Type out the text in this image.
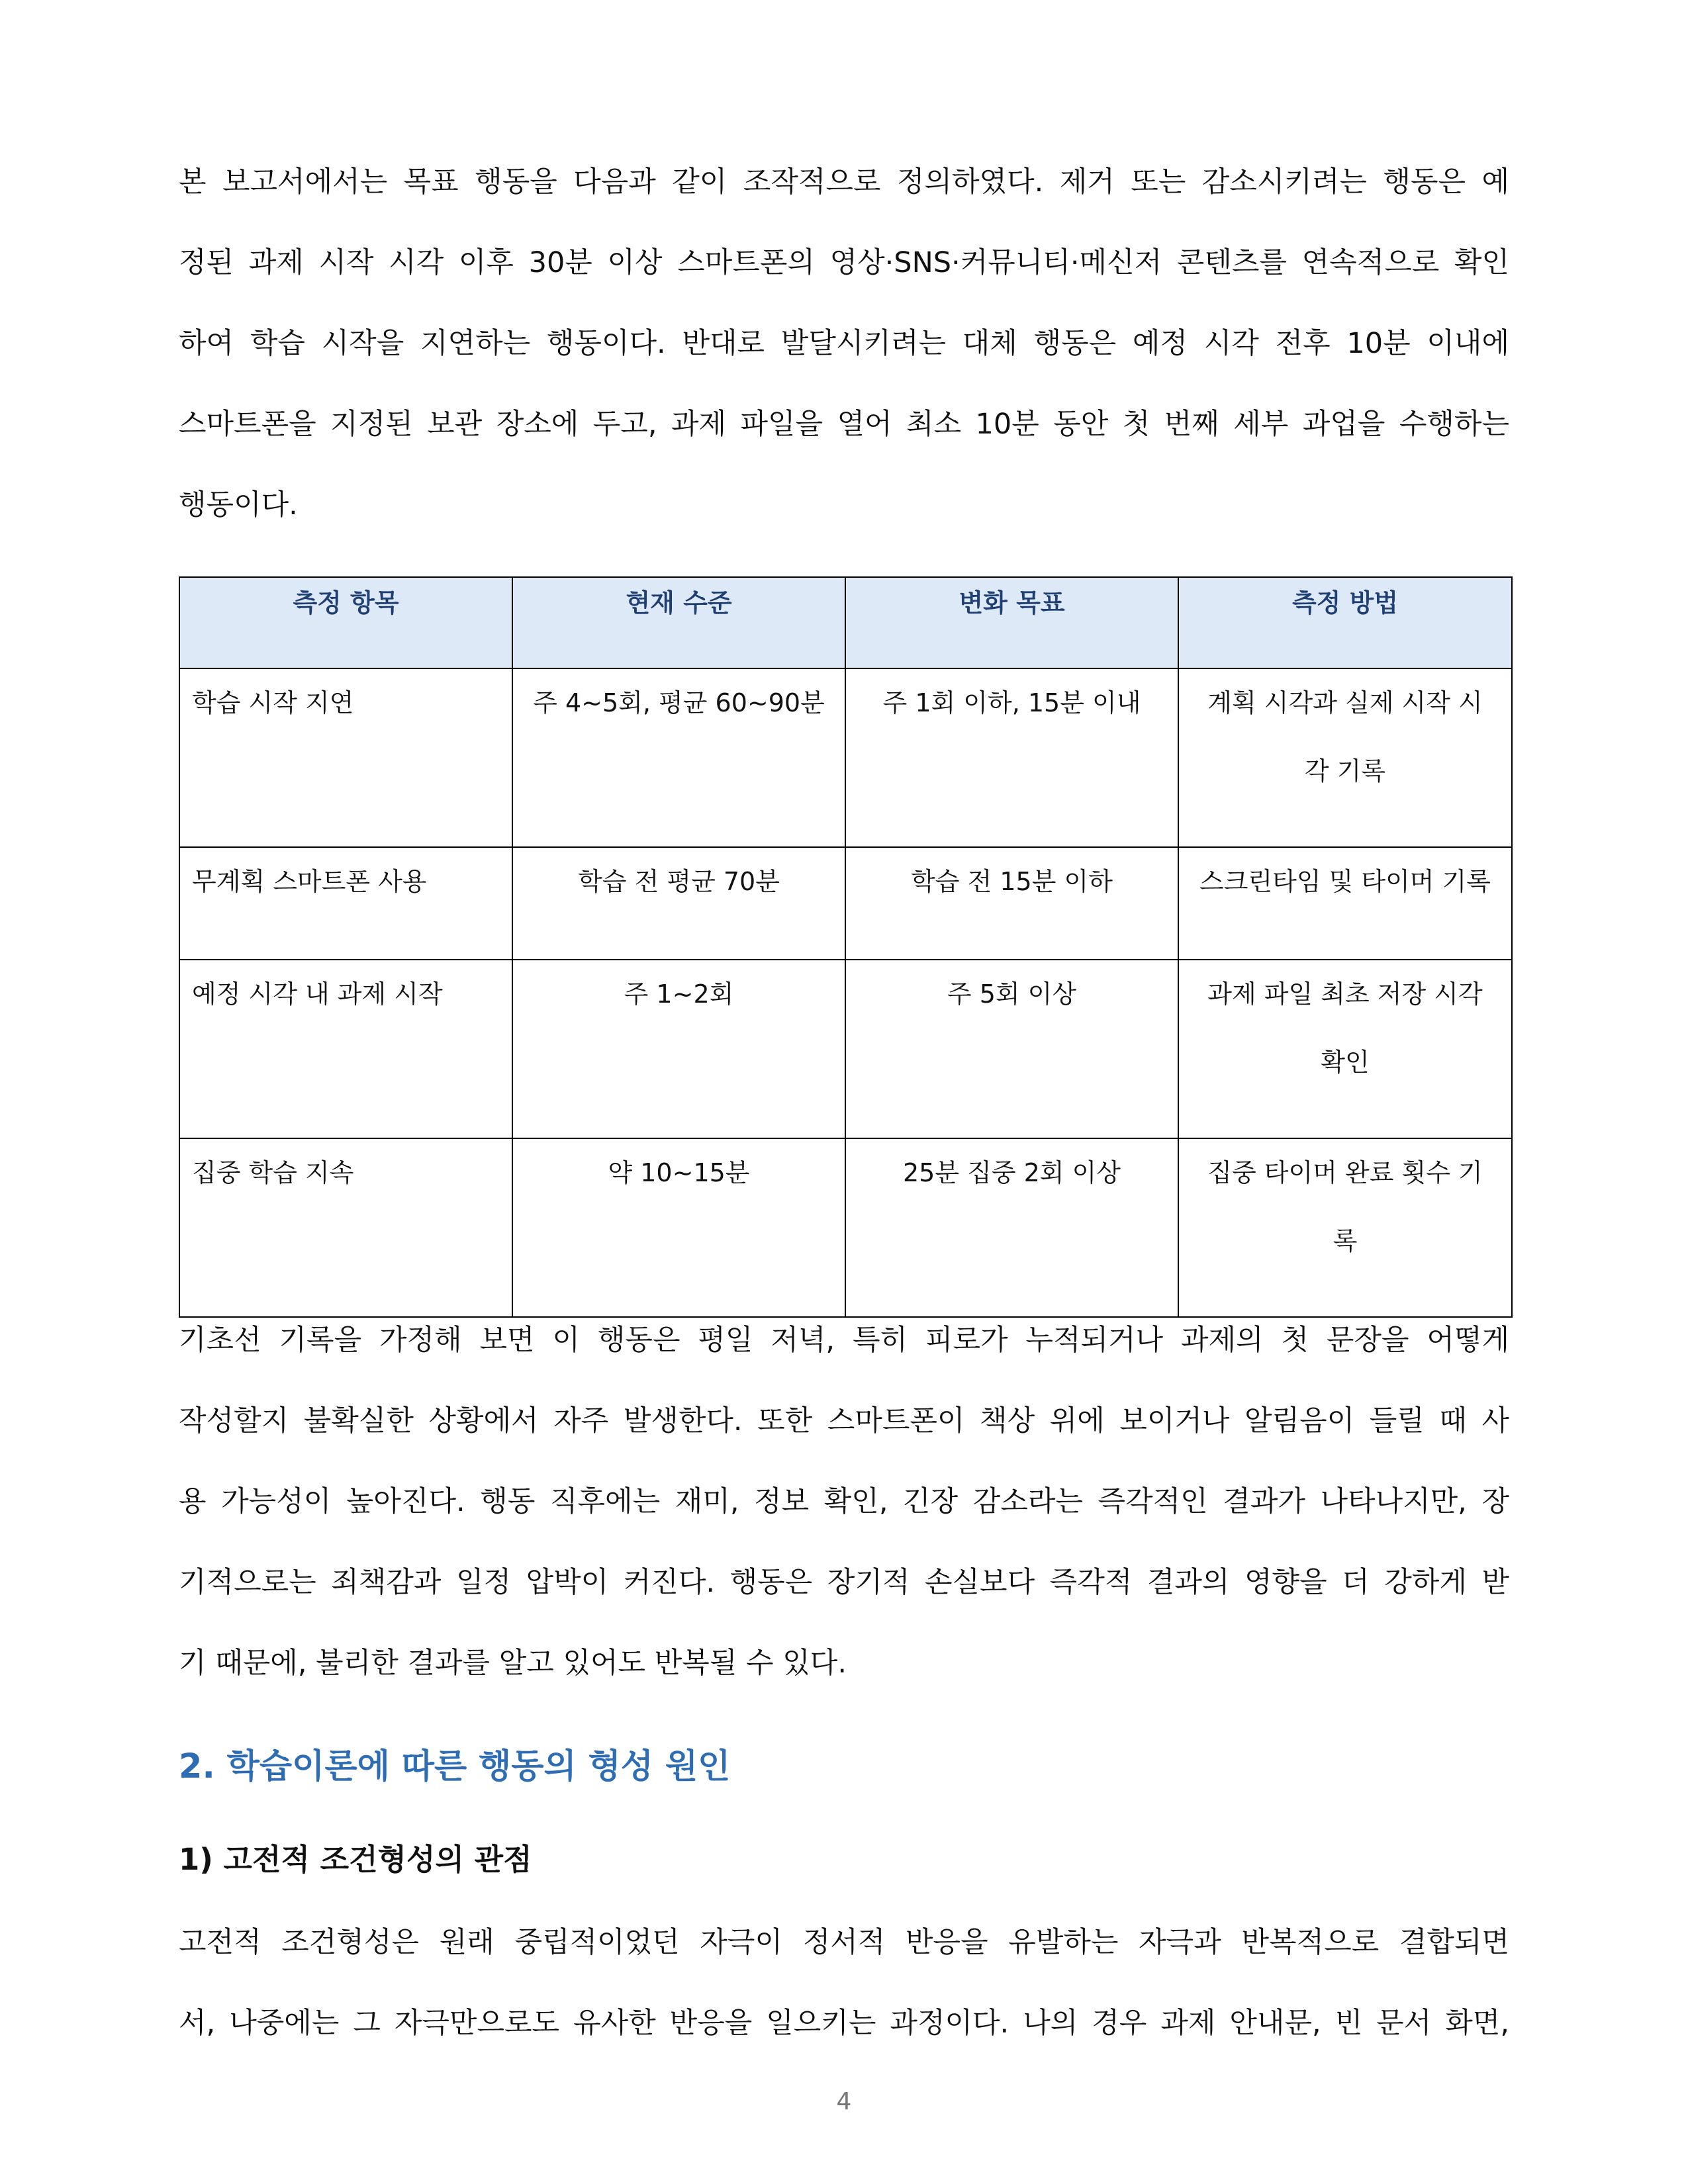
본 보고서에서는 목표 행동을 다음과 같이 조작적으로 정의하였다. 제거 또는 감소시키려는 행동은 예
정된 과제 시작 시각 이후 30분 이상 스마트폰의 영상·SNS·커뮤니티·메신저 콘텐츠를 연속적으로 확인
하여 학습 시작을 지연하는 행동이다. 반대로 발달시키려는 대체 행동은 예정 시각 전후 10분 이내에
스마트폰을 지정된 보관 장소에 두고, 과제 파일을 열어 최소 10분 동안 첫 번째 세부 과업을 수행하는
행동이다.
측정 항목	현재 수준	변화 목표	측정 방법
학습 시작 지연	주 4~5회, 평균 60~90분	주 1회 이하, 15분 이내	계획 시각과 실제 시작 시
각 기록

무계획 스마트폰 사용	학습 전 평균 70분	학습 전 15분 이하	스크린타임 및 타이머 기록

예정 시각 내 과제 시작	주 1~2회	주 5회 이상	과제 파일 최초 저장 시각
확인

집중 학습 지속	약 10~15분	25분 집중 2회 이상	집중 타이머 완료 횟수 기
록
기초선 기록을 가정해 보면 이 행동은 평일 저녁, 특히 피로가 누적되거나 과제의 첫 문장을 어떻게
작성할지 불확실한 상황에서 자주 발생한다. 또한 스마트폰이 책상 위에 보이거나 알림음이 들릴 때 사
용 가능성이 높아진다. 행동 직후에는 재미, 정보 확인, 긴장 감소라는 즉각적인 결과가 나타나지만, 장
기적으로는 죄책감과 일정 압박이 커진다. 행동은 장기적 손실보다 즉각적 결과의 영향을 더 강하게 받
기 때문에, 불리한 결과를 알고 있어도 반복될 수 있다.
2. 학습이론에 따른 행동의 형성 원인
1) 고전적 조건형성의 관점
고전적 조건형성은 원래 중립적이었던 자극이 정서적 반응을 유발하는 자극과 반복적으로 결합되면
서, 나중에는 그 자극만으로도 유사한 반응을 일으키는 과정이다. 나의 경우 과제 안내문, 빈 문서 화면,
4
